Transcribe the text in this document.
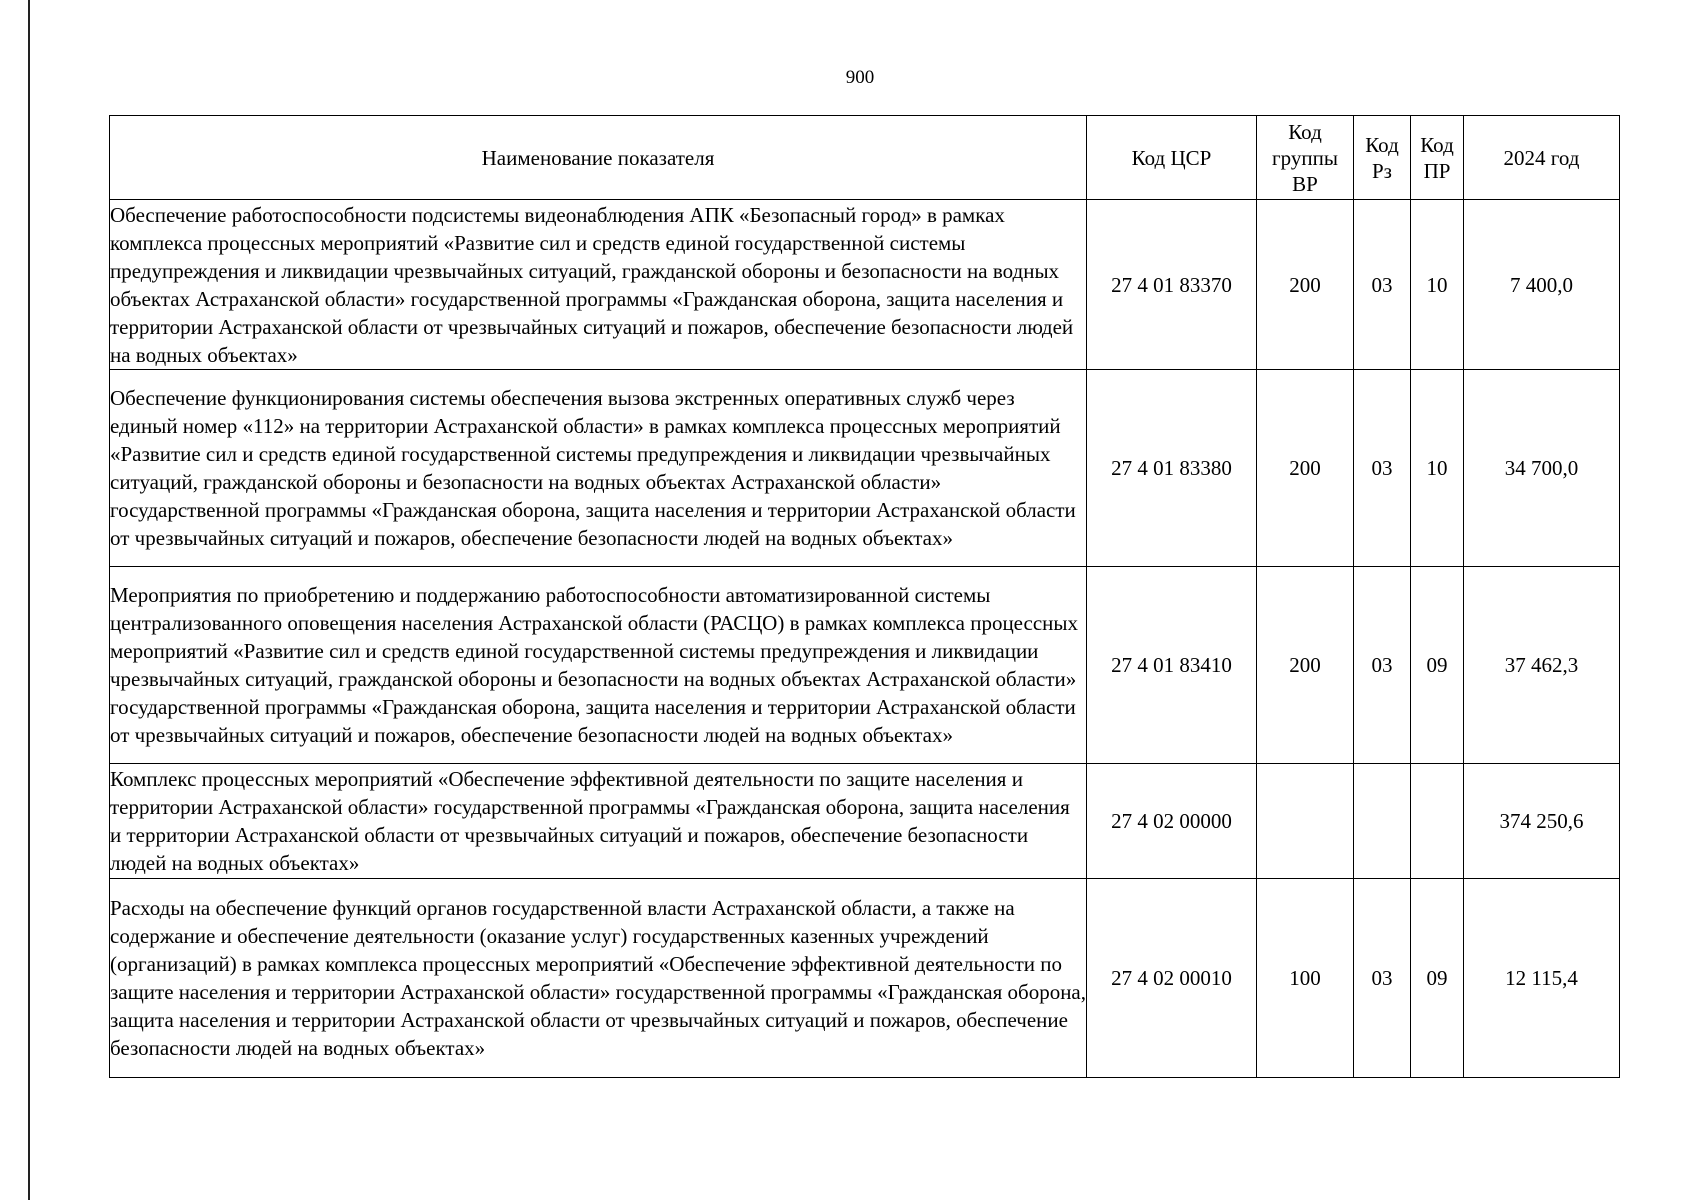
900
Наименование показателя	Код ЦСР	Код группы ВР	Код Рз	Код ПР	2024 год
Обеспечение работоспособности подсистемы видеонаблюдения АПК «Безопасный город» в рамках комплекса процессных мероприятий «Развитие сил и средств единой государственной системы предупреждения и ликвидации чрезвычайных ситуаций, гражданской обороны и безопасности на водных объектах Астраханской области» государственной программы «Гражданская оборона, защита населения и территории Астраханской области от чрезвычайных ситуаций и пожаров, обеспечение безопасности людей на водных объектах»	27 4 01 83370	200	03	10	7 400,0
Обеспечение функционирования системы обеспечения вызова экстренных оперативных служб через единый номер «112» на территории Астраханской области» в рамках комплекса процессных мероприятий «Развитие сил и средств единой государственной системы предупреждения и ликвидации чрезвычайных ситуаций, гражданской обороны и безопасности на водных объектах Астраханской области» государственной программы «Гражданская оборона, защита населения и территории Астраханской области от чрезвычайных ситуаций и пожаров, обеспечение безопасности людей на водных объектах»	27 4 01 83380	200	03	10	34 700,0
Мероприятия по приобретению и поддержанию работоспособности автоматизированной системы централизованного оповещения населения Астраханской области (РАСЦО) в рамках комплекса процессных мероприятий «Развитие сил и средств единой государственной системы предупреждения и ликвидации чрезвычайных ситуаций, гражданской обороны и безопасности на водных объектах Астраханской области» государственной программы «Гражданская оборона, защита населения и территории Астраханской области от чрезвычайных ситуаций и пожаров, обеспечение безопасности людей на водных объектах»	27 4 01 83410	200	03	09	37 462,3
Комплекс процессных мероприятий «Обеспечение эффективной деятельности по защите населения и территории Астраханской области» государственной программы «Гражданская оборона, защита населения и территории Астраханской области от чрезвычайных ситуаций и пожаров, обеспечение безопасности людей на водных объектах»	27 4 02 00000				374 250,6
Расходы на обеспечение функций органов государственной власти Астраханской области, а также на содержание и обеспечение деятельности (оказание услуг) государственных казенных учреждений (организаций) в рамках комплекса процессных мероприятий «Обеспечение эффективной деятельности по защите населения и территории Астраханской области» государственной программы «Гражданская оборона, защита населения и территории Астраханской области от чрезвычайных ситуаций и пожаров, обеспечение безопасности людей на водных объектах»	27 4 02 00010	100	03	09	12 115,4
